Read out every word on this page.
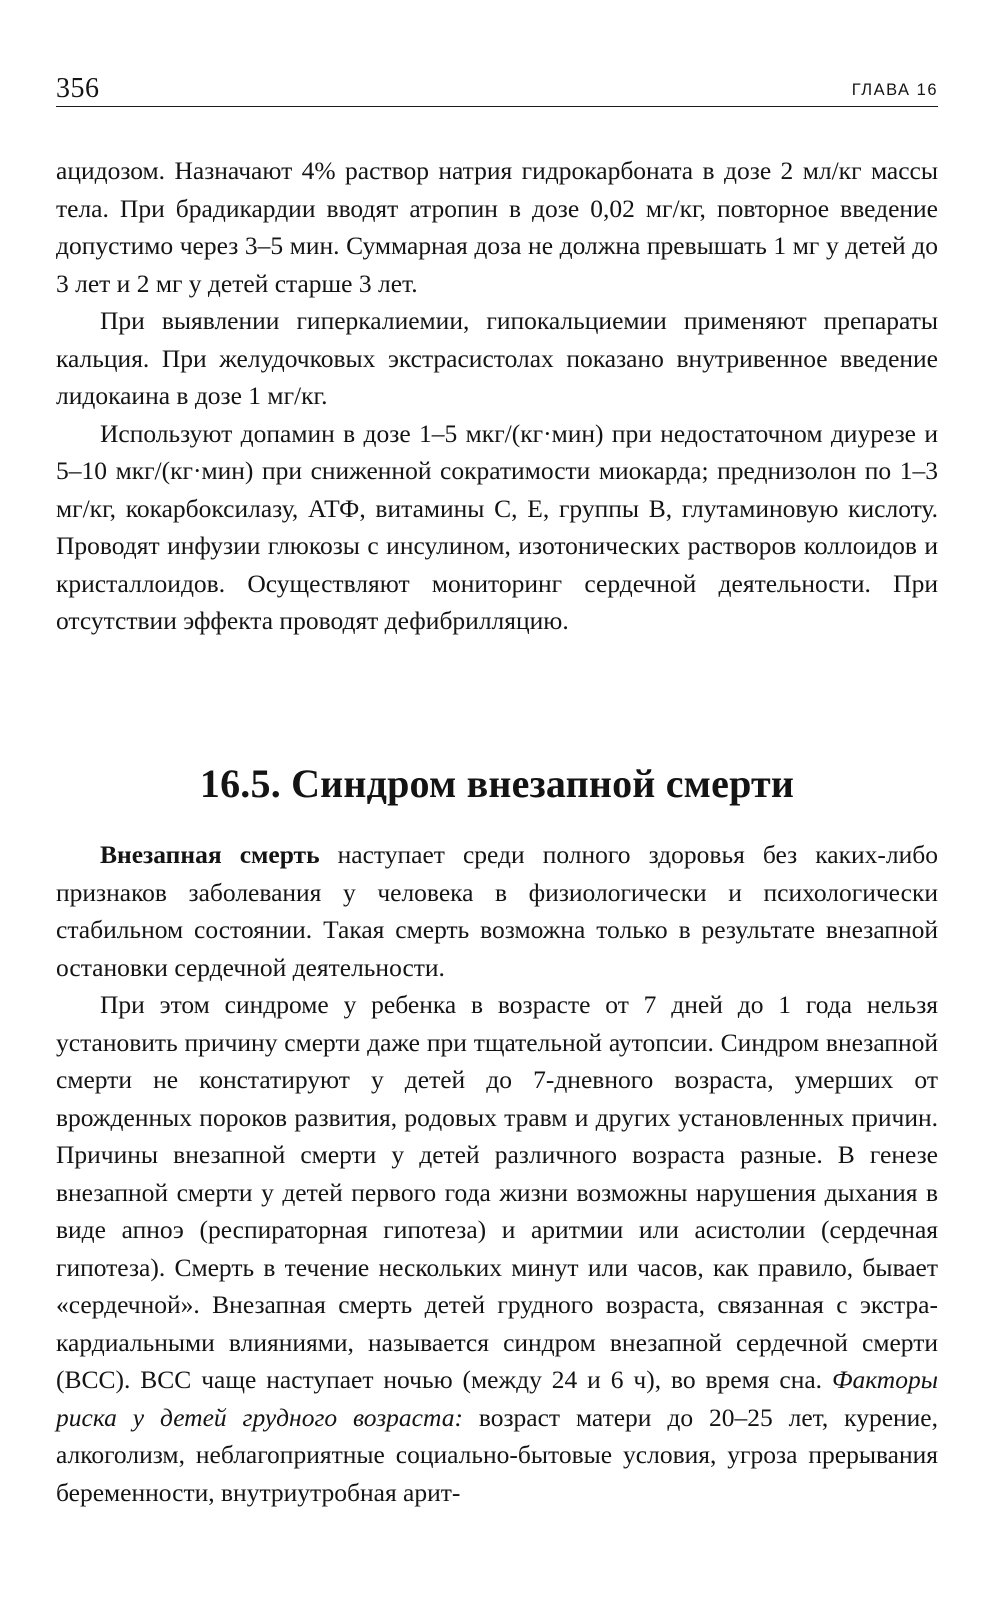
356	ГЛАВА 16

ацидозом. Назначают 4% раствор натрия гидрокарбоната в дозе 2 мл/кг массы тела. При брадикардии вводят атропин в дозе 0,02 мг/кг, повторное введение допустимо через 3–5 мин. Суммарная доза не должна превышать 1 мг у детей до 3 лет и 2 мг у детей старше 3 лет.

При выявлении гиперкалиемии, гипокальциемии применяют препараты кальция. При желудочковых экстрасистолах показано внутривенное введение лидокаина в дозе 1 мг/кг.

Используют допамин в дозе 1–5 мкг/(кг·мин) при недостаточном диурезе и 5–10 мкг/(кг·мин) при сниженной сократимости миокарда; преднизолон по 1–3 мг/кг, кокарбоксилазу, АТФ, витамины С, Е, группы В, глутаминовую кислоту. Проводят инфузии глюкозы с инсулином, изотонических растворов коллоидов и кристаллоидов. Осуществляют мониторинг сердечной деятельности. При отсутствии эффекта проводят дефибрилляцию.

16.5. Синдром внезапной смерти

Внезапная смерть наступает среди полного здоровья без каких-либо признаков заболевания у человека в физиологически и психологически стабильном состоянии. Такая смерть возможна только в результате внезапной остановки сердечной деятельности.

При этом синдроме у ребенка в возрасте от 7 дней до 1 года нельзя установить причину смерти даже при тщательной аутопсии. Синдром внезапной смерти не констатируют у детей до 7-дневного возраста, умерших от врожденных пороков развития, родовых травм и других установленных причин. Причины внезапной смерти у детей различного возраста разные. В генезе внезапной смерти у детей первого года жизни возможны нарушения дыхания в виде апноэ (респираторная гипотеза) и аритмии или асистолии (сердечная гипотеза). Смерть в течение нескольких минут или часов, как правило, бывает «сердечной». Внезапная смерть детей грудного возраста, связанная с экстракардиальными влияниями, называется синдром внезапной сердечной смерти (ВСС). ВСС чаще наступает ночью (между 24 и 6 ч), во время сна. Факторы риска у детей грудного возраста: возраст матери до 20–25 лет, курение, алкоголизм, неблагоприятные социально-бытовые условия, угроза прерывания беременности, внутриутробная арит-
